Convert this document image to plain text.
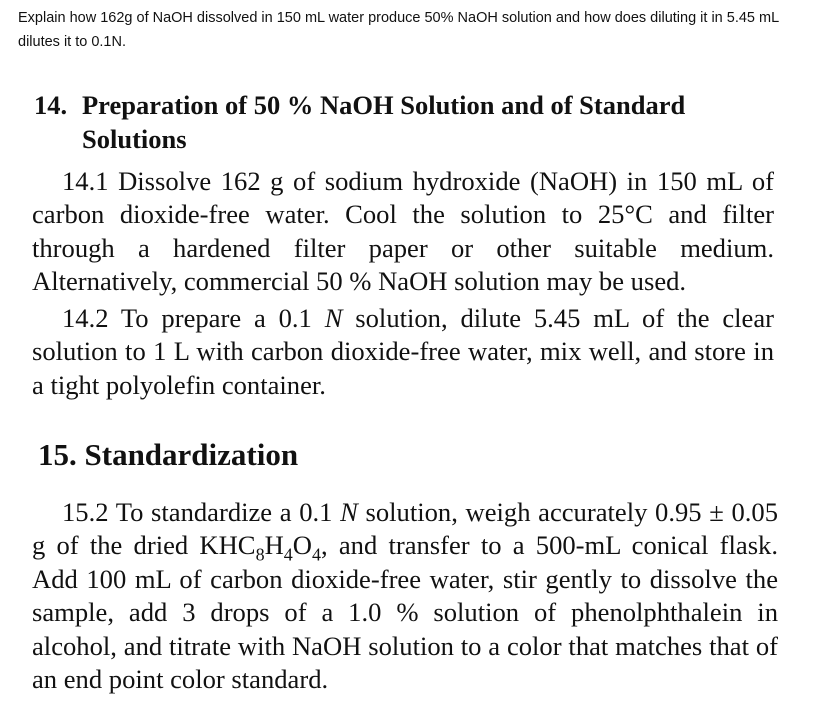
Explain how 162g of NaOH dissolved in 150 mL water produce 50% NaOH solution and how does diluting it in 5.45 mL dilutes it to 0.1N.
14. Preparation of 50 % NaOH Solution and of Standard
Solutions
14.1 Dissolve 162 g of sodium hydroxide (NaOH) in 150 mL of carbon dioxide-free water. Cool the solution to 25°C and filter through a hardened filter paper or other suitable medium. Alternatively, commercial 50 % NaOH solution may be used.
14.2 To prepare a 0.1 N solution, dilute 5.45 mL of the clear solution to 1 L with carbon dioxide-free water, mix well, and store in a tight polyolefin container.
15. Standardization
15.2 To standardize a 0.1 N solution, weigh accurately 0.95 ± 0.05 g of the dried $KHC_8H_4O_4$, and transfer to a 500-mL conical flask. Add 100 mL of carbon dioxide-free water, stir gently to dissolve the sample, add 3 drops of a 1.0 % solution of phenolphthalein in alcohol, and titrate with NaOH solution to a color that matches that of an end point color standard.
